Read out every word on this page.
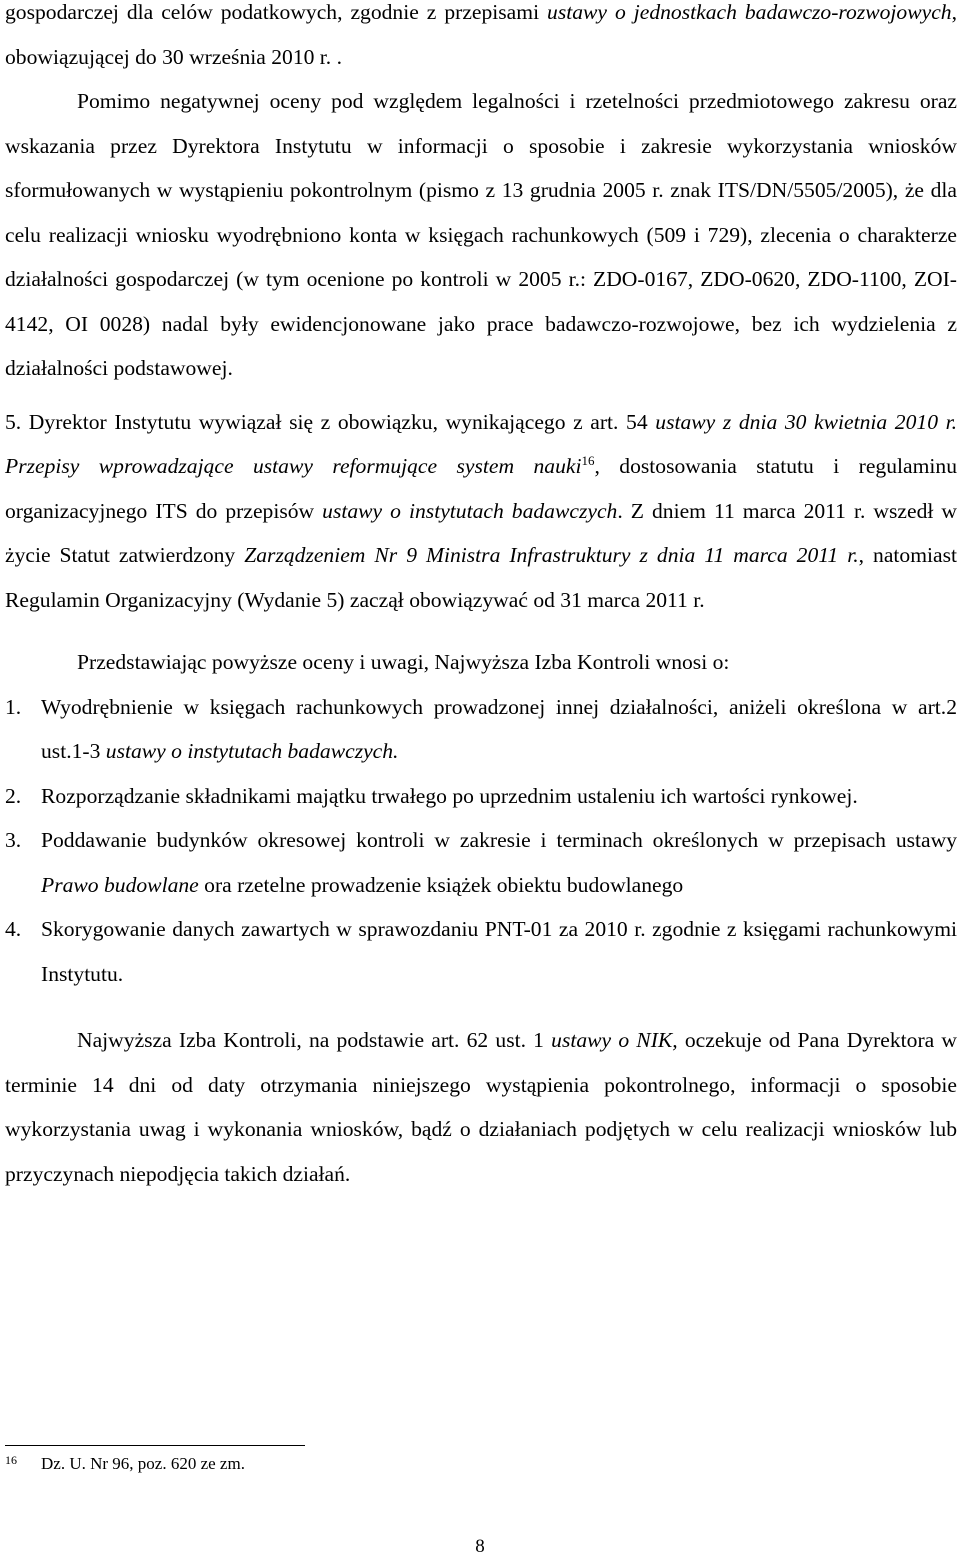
gospodarczej dla celów podatkowych, zgodnie z przepisami ustawy o jednostkach badawczo-rozwojowych, obowiązującej do 30 września 2010 r. .

Pomimo negatywnej oceny pod względem legalności i rzetelności przedmiotowego zakresu oraz wskazania przez Dyrektora Instytutu w informacji o sposobie i zakresie wykorzystania wniosków sformułowanych w wystąpieniu pokontrolnym (pismo z 13 grudnia 2005 r. znak ITS/DN/5505/2005), że dla celu realizacji wniosku wyodrębniono konta w księgach rachunkowych (509 i 729), zlecenia o charakterze działalności gospodarczej (w tym ocenione po kontroli w 2005 r.: ZDO-0167, ZDO-0620, ZDO-1100, ZOI-4142, OI 0028) nadal były ewidencjonowane jako prace badawczo-rozwojowe, bez ich wydzielenia z działalności podstawowej.

5. Dyrektor Instytutu wywiązał się z obowiązku, wynikającego z art. 54 ustawy z dnia 30 kwietnia 2010 r. Przepisy wprowadzające ustawy reformujące system nauki$^{16}$, dostosowania statutu i regulaminu organizacyjnego ITS do przepisów ustawy o instytutach badawczych. Z dniem 11 marca 2011 r. wszedł w życie Statut zatwierdzony Zarządzeniem Nr 9 Ministra Infrastruktury z dnia 11 marca 2011 r., natomiast Regulamin Organizacyjny (Wydanie 5) zaczął obowiązywać od 31 marca 2011 r.

Przedstawiając powyższe oceny i uwagi, Najwyższa Izba Kontroli wnosi o:

1. Wyodrębnienie w księgach rachunkowych prowadzonej innej działalności, aniżeli określona w art.2 ust.1-3 ustawy o instytutach badawczych.

2. Rozporządzanie składnikami majątku trwałego po uprzednim ustaleniu ich wartości rynkowej.

3. Poddawanie budynków okresowej kontroli w zakresie i terminach określonych w przepisach ustawy Prawo budowlane ora rzetelne prowadzenie książek obiektu budowlanego

4. Skorygowanie danych zawartych w sprawozdaniu PNT-01 za 2010 r. zgodnie z księgami rachunkowymi Instytutu.

Najwyższa Izba Kontroli, na podstawie art. 62 ust. 1 ustawy o NIK, oczekuje od Pana Dyrektora w terminie 14 dni od daty otrzymania niniejszego wystąpienia pokontrolnego, informacji o sposobie wykorzystania uwag i wykonania wniosków, bądź o działaniach podjętych w celu realizacji wniosków lub przyczynach niepodjęcia takich działań.

16 Dz. U. Nr 96, poz. 620 ze zm.
8
